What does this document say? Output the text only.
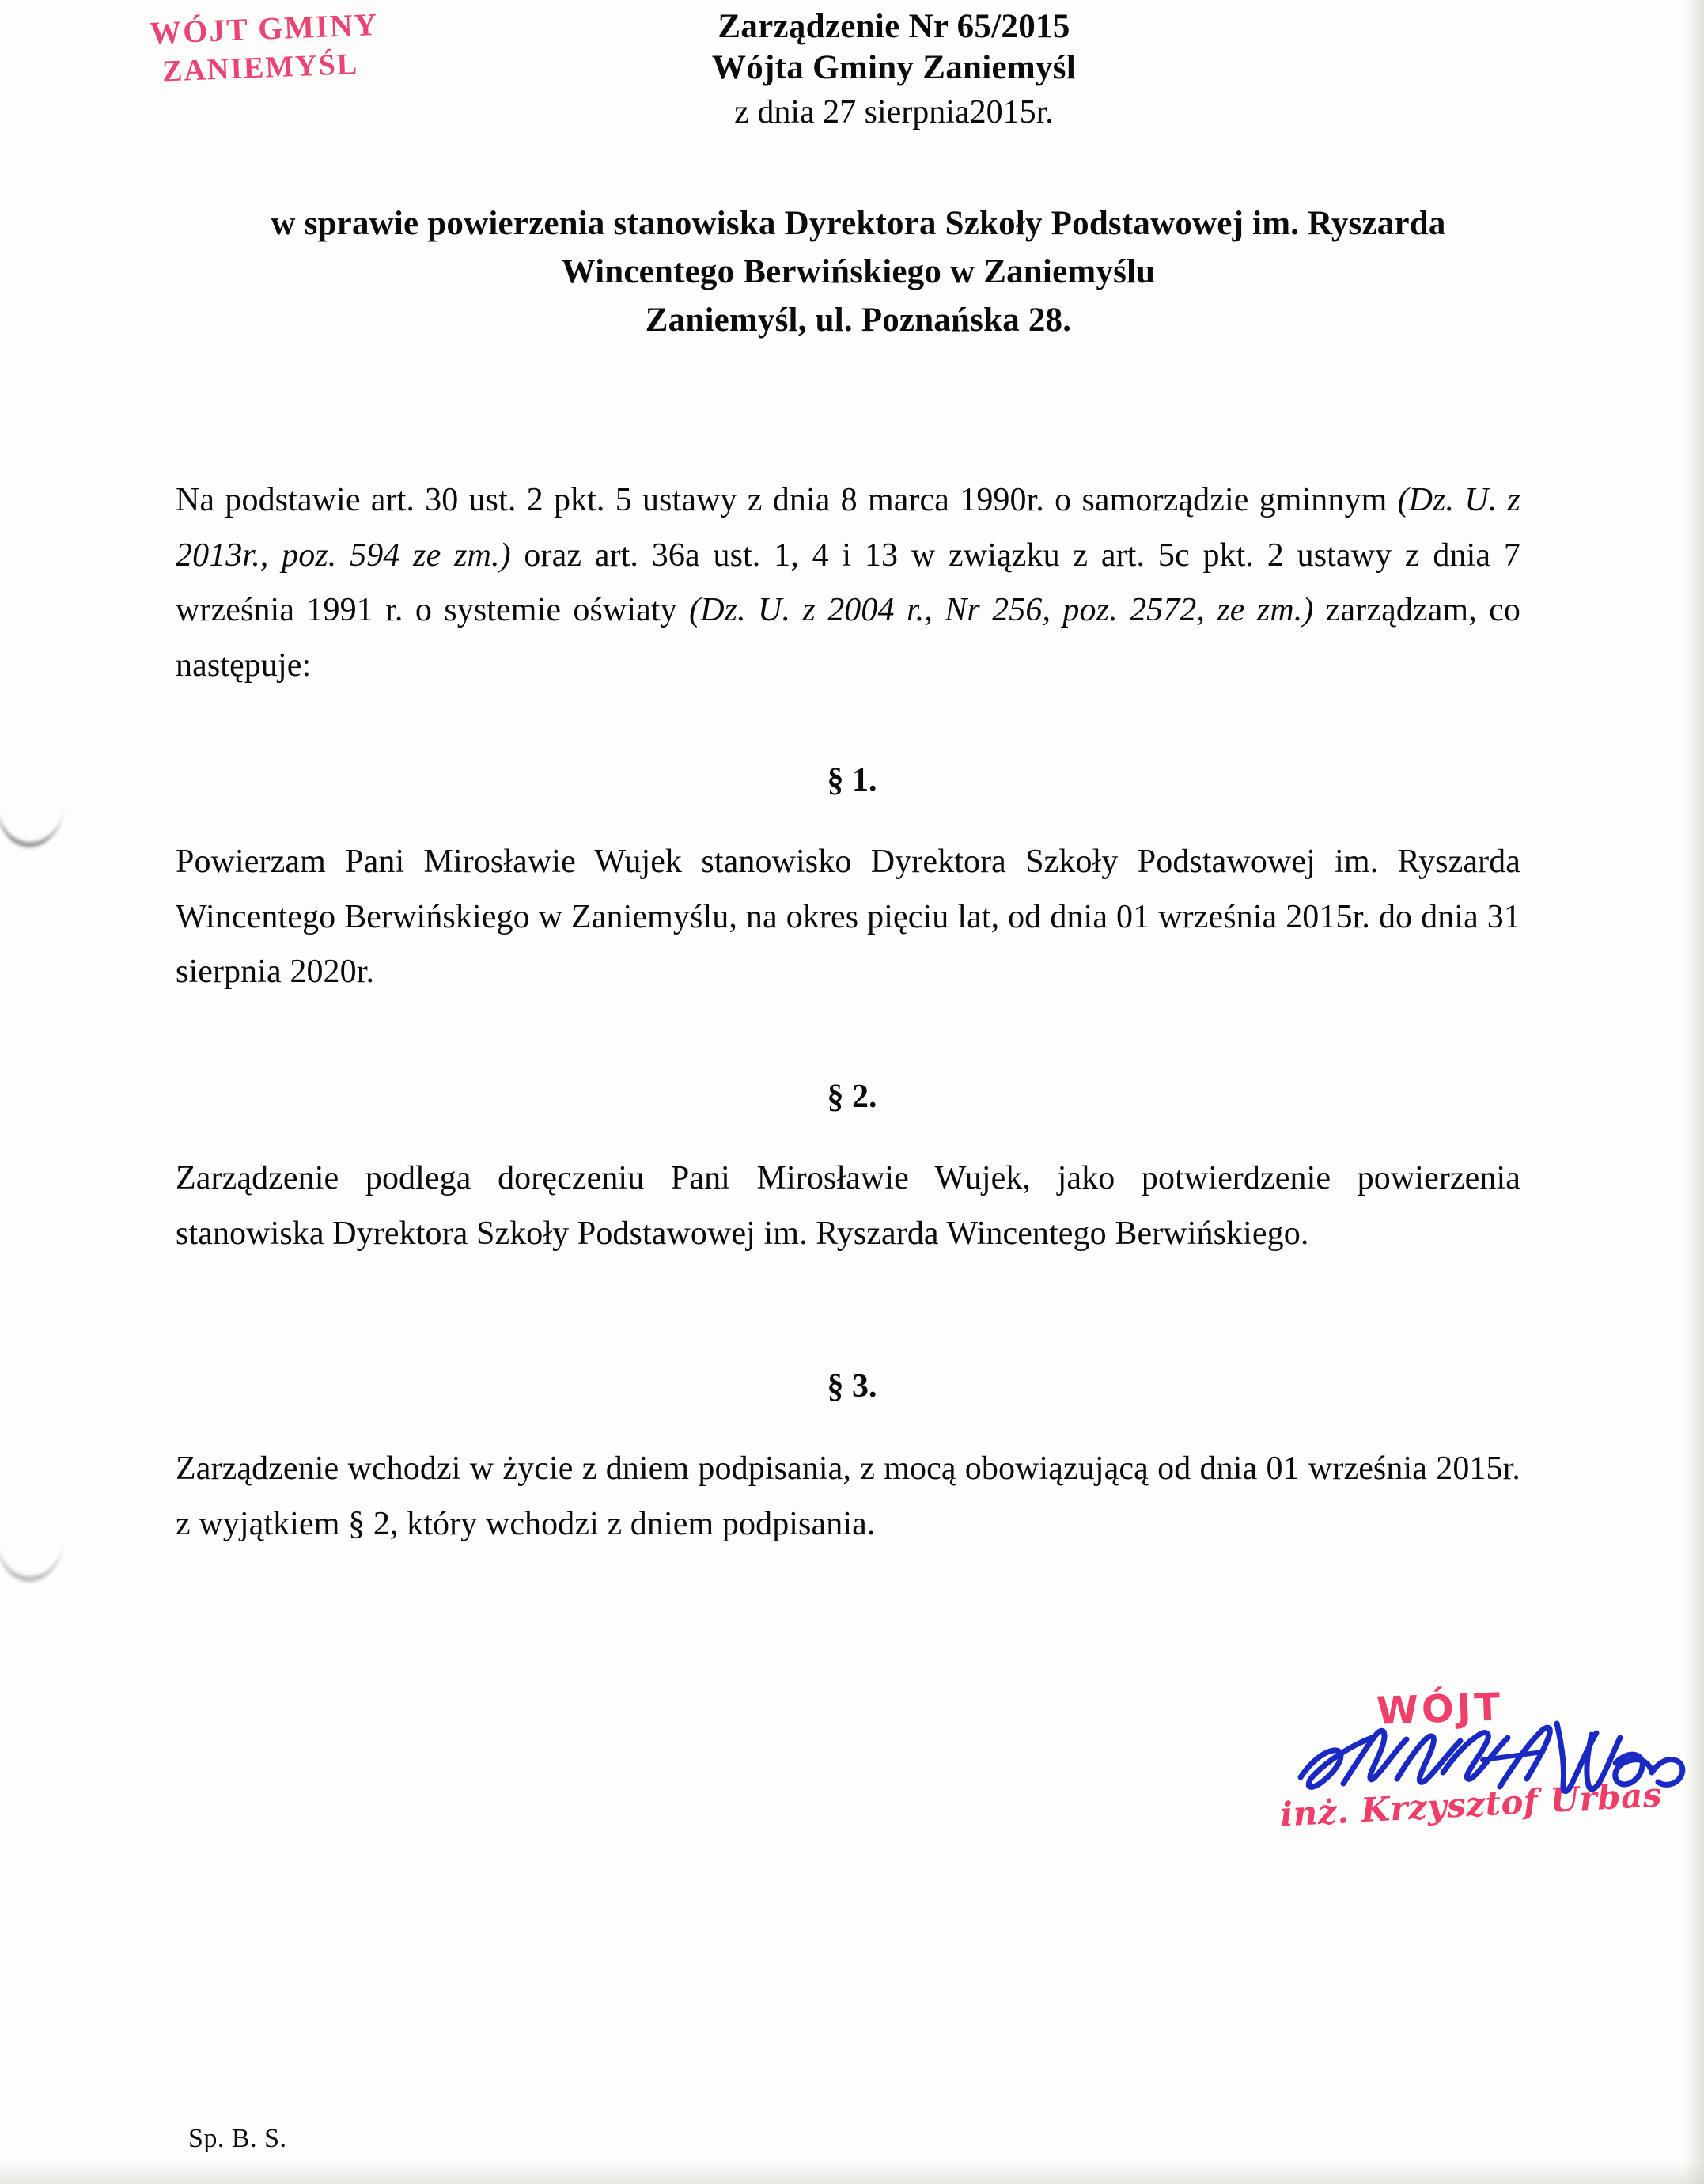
WÓJT GMINY
ZANIEMYŚL
Zarządzenie Nr 65/2015
Wójta Gminy Zaniemyśl
z dnia 27 sierpnia2015r.
w sprawie powierzenia stanowiska Dyrektora Szkoły Podstawowej im. Ryszarda
Wincentego Berwińskiego w Zaniemyślu
Zaniemyśl, ul. Poznańska 28.
Na podstawie art. 30 ust. 2 pkt. 5 ustawy z dnia 8 marca 1990r. o samorządzie gminnym (Dz. U. z 2013r., poz. 594 ze zm.) oraz art. 36a ust. 1, 4 i 13 w związku z art. 5c pkt. 2 ustawy z dnia 7 września 1991 r. o systemie oświaty (Dz. U. z 2004 r., Nr 256, poz. 2572, ze zm.) zarządzam, co następuje:
§ 1.
Powierzam Pani Mirosławie Wujek stanowisko Dyrektora Szkoły Podstawowej im. Ryszarda Wincentego Berwińskiego w Zaniemyślu, na okres pięciu lat, od dnia 01 września 2015r. do dnia 31 sierpnia 2020r.
§ 2.
Zarządzenie podlega doręczeniu Pani Mirosławie Wujek, jako potwierdzenie powierzenia stanowiska Dyrektora Szkoły Podstawowej im. Ryszarda Wincentego Berwińskiego.
§ 3.
Zarządzenie wchodzi w życie z dniem podpisania, z mocą obowiązującą od dnia 01 września 2015r. z wyjątkiem § 2, który wchodzi z dniem podpisania.
WÓJT
inż. Krzysztof Urbas
Sp. B. S.
